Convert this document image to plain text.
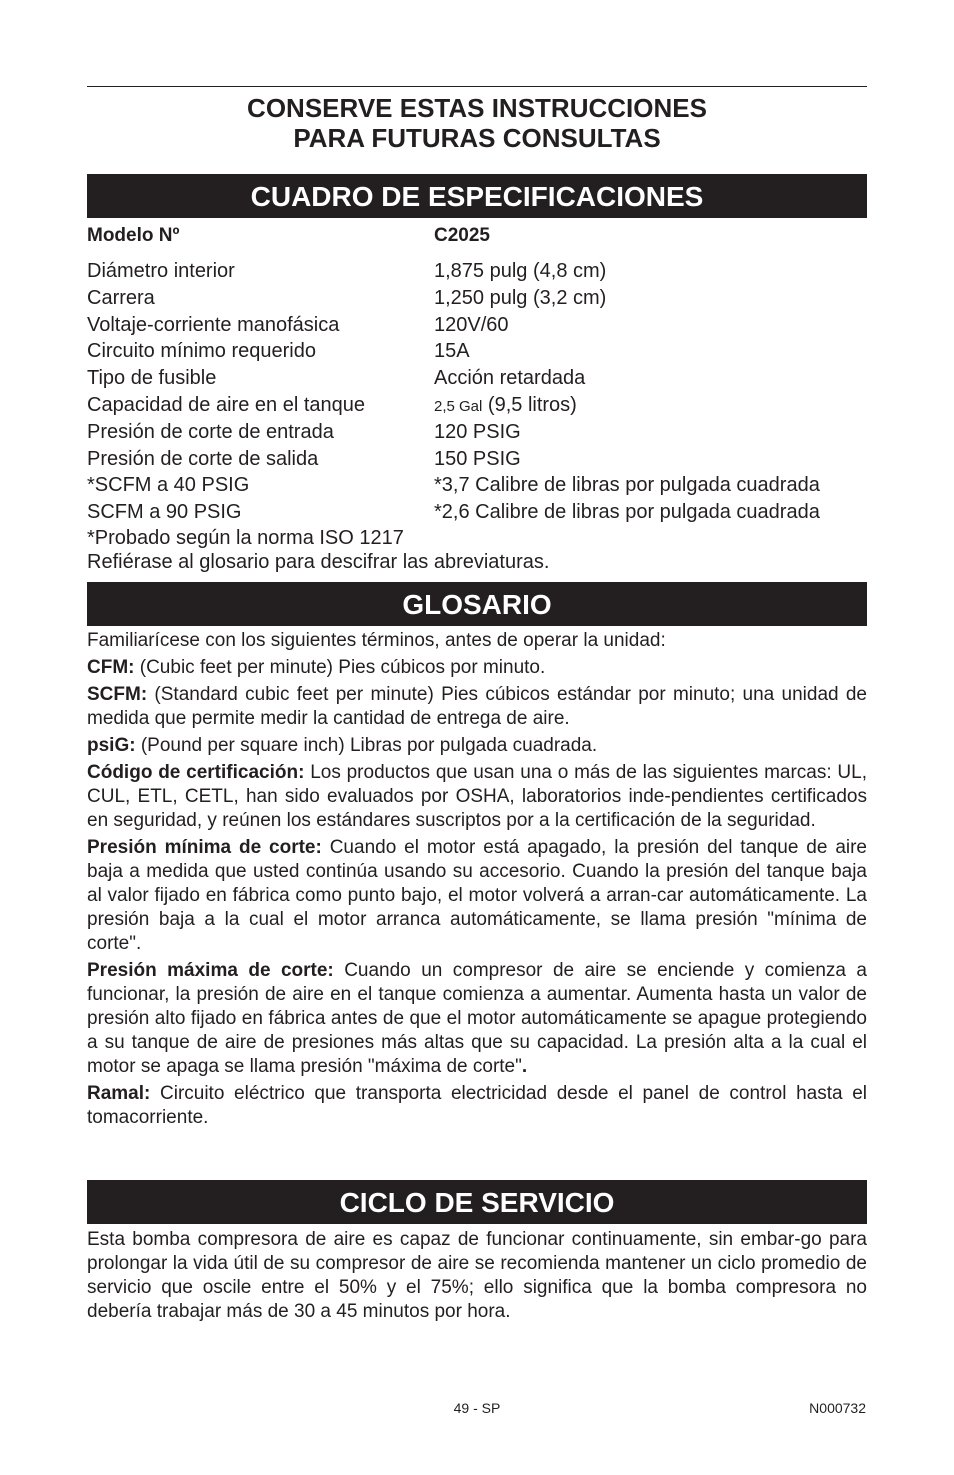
CONSERVE ESTAS INSTRUCCIONES
PARA FUTURAS CONSULTAS
CUADRO DE ESPECIFICACIONES
Modelo Nº	C2025
Diámetro interior	1,875 pulg (4,8 cm)
Carrera	1,250 pulg (3,2 cm)
Voltaje-corriente manofásica	120V/60
Circuito mínimo requerido	15A
Tipo de fusible	Acción retardada
Capacidad de aire en el tanque	2,5 Gal (9,5 litros)
Presión de corte de entrada	120 PSIG
Presión de corte de salida	150 PSIG
*SCFM a 40 PSIG	*3,7 Calibre de libras por pulgada cuadrada
SCFM a 90 PSIG	*2,6 Calibre de libras por pulgada cuadrada
*Probado según la norma ISO 1217
Refiérase al glosario para descifrar las abreviaturas.
GLOSARIO

Familiarícese con los siguientes términos, antes de operar la unidad:

CFM: (Cubic feet per minute) Pies cúbicos por minuto.

SCFM: (Standard cubic feet per minute) Pies cúbicos estándar por minuto; una unidad de medida que permite medir la cantidad de entrega de aire.

psiG: (Pound per square inch) Libras por pulgada cuadrada.

Código de certificación: Los productos que usan una o más de las siguientes marcas: UL, CUL, ETL, CETL, han sido evaluados por OSHA, laboratorios inde-pendientes certificados en seguridad, y reúnen los estándares suscriptos por a la certificación de la seguridad.

Presión mínima de corte: Cuando el motor está apagado, la presión del tanque de aire baja a medida que usted continúa usando su accesorio. Cuando la presión del tanque baja al valor fijado en fábrica como punto bajo, el motor volverá a arran-car automáticamente. La presión baja a la cual el motor arranca automáticamente, se llama presión "mínima de corte".

Presión máxima de corte: Cuando un compresor de aire se enciende y comienza a funcionar, la presión de aire en el tanque comienza a aumentar. Aumenta hasta un valor de presión alto fijado en fábrica antes de que el motor automáticamente se apague protegiendo a su tanque de aire de presiones más altas que su capacidad. La presión alta a la cual el motor se apaga se llama presión "máxima de corte".

Ramal: Circuito eléctrico que transporta electricidad desde el panel de control hasta el tomacorriente.

CICLO DE SERVICIO

Esta bomba compresora de aire es capaz de funcionar continuamente, sin embar-go para prolongar la vida útil de su compresor de aire se recomienda mantener un ciclo promedio de servicio que oscile entre el 50% y el 75%; ello significa que la bomba compresora no debería trabajar más de 30 a 45 minutos por hora.

49 - SP	N000732
